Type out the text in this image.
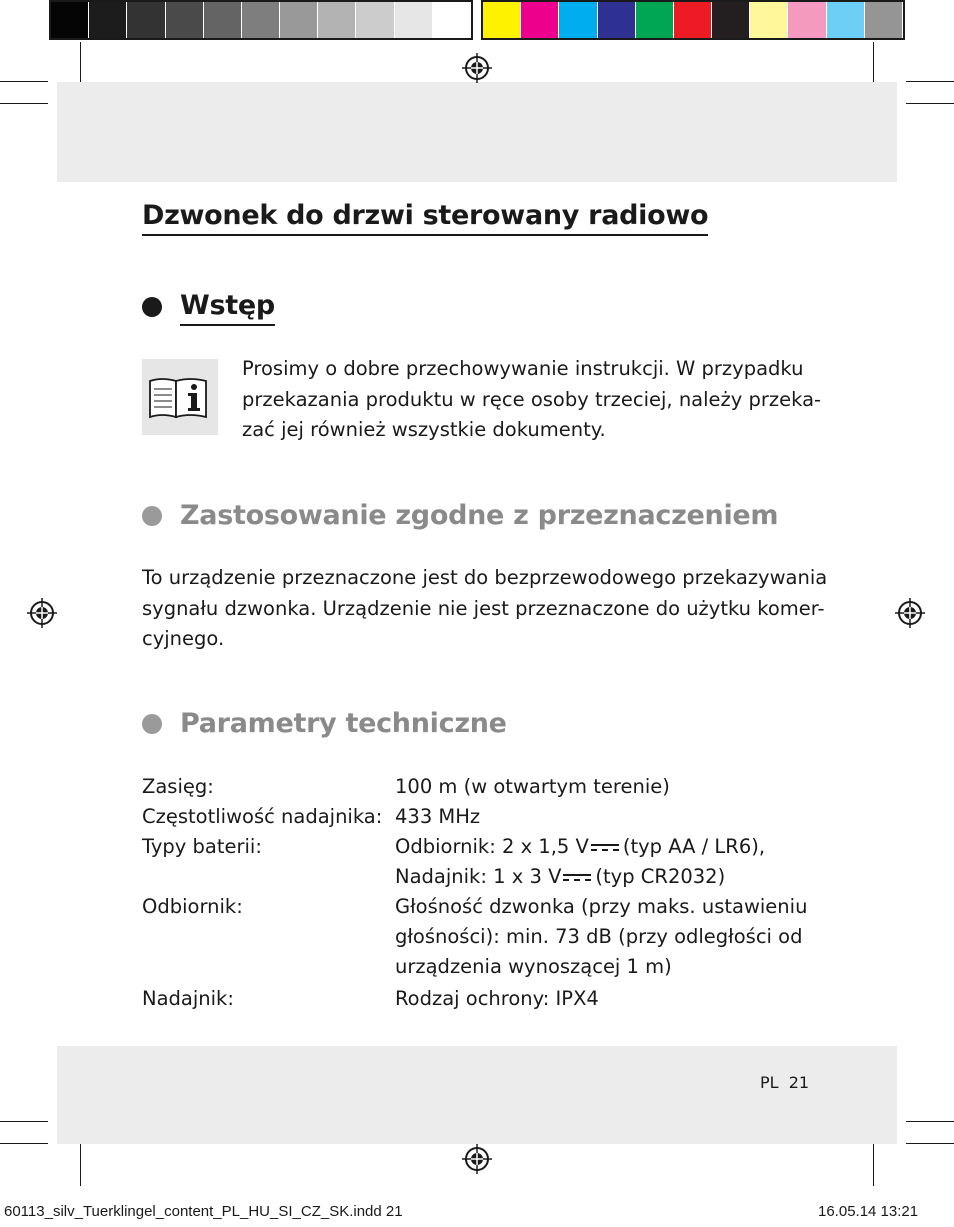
Dzwonek do drzwi sterowany radiowo
Wstęp

Prosimy o dobre przechowywanie instrukcji. W przypadku
przekazania produktu w ręce osoby trzeciej, należy przeka-
zać jej również wszystkie dokumenty.

Zastosowanie zgodne z przeznaczeniem

To urządzenie przeznaczone jest do bezprzewodowego przekazywania
sygnału dzwonka. Urządzenie nie jest przeznaczone do użytku komer-
cyjnego.

Parametry techniczne
Zasięg:	100 m (w otwartym terenie)
Częstotliwość nadajnika: 433 MHz
Typy baterii:	Odbiornik: 2 x 1,5 V (typ AA / LR6),
Nadajnik: 1 x 3 V (typ CR2032)
Odbiornik:	Głośność dzwonka (przy maks. ustawieniu
głośności): min. 73 dB (przy odległości od
urządzenia wynoszącej 1 m)
Nadajnik:	Rodzaj ochrony: IPX4
PL 21
60113_silv_Tuerklingel_content_PL_HU_SI_CZ_SK.indd 21	16.05.14 13:21
